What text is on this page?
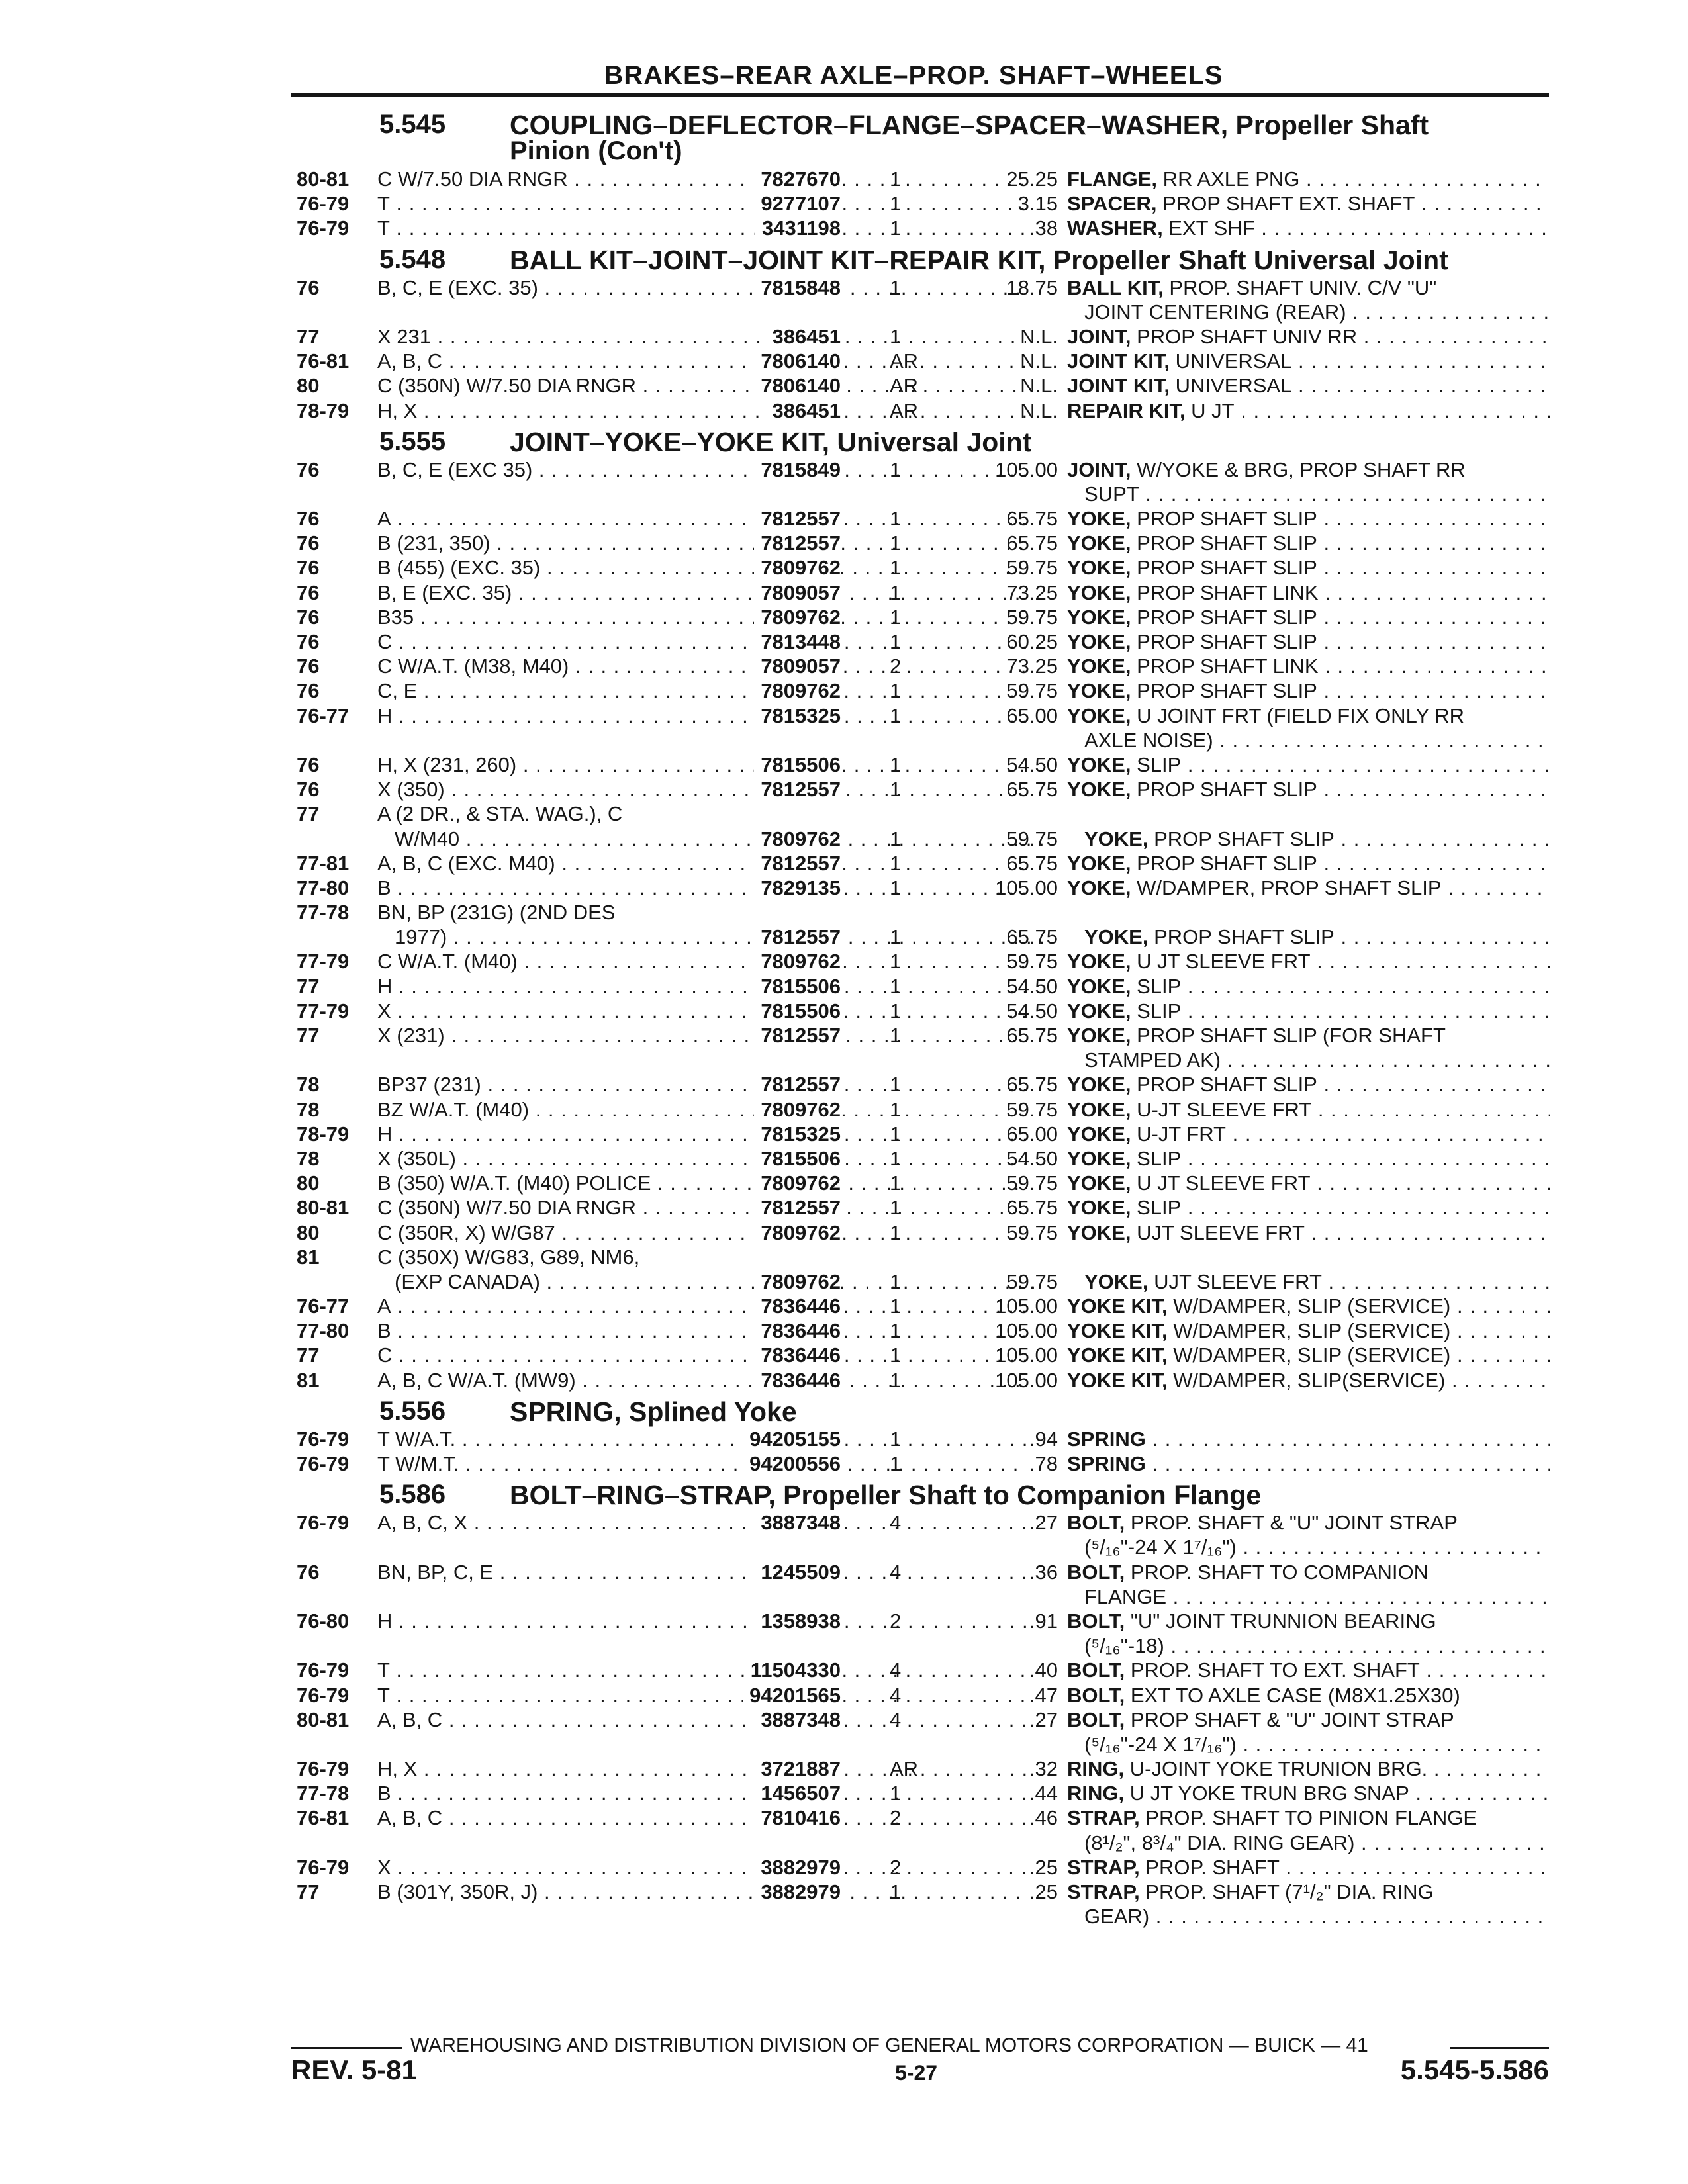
BRAKES–REAR AXLE–PROP. SHAFT–WHEELS
5.545 COUPLING–DEFLECTOR–FLANGE–SPACER–WASHER, Propeller Shaft
Pinion (Con't)
80-81 C W/7.50 DIA RNGR . . .	7827670 1	25.25 FLANGE, RR AXLE PNG . . .
76-79 T . . .	9277107 1	3.15 SPACER, PROP SHAFT EXT. SHAFT . . .
76-79 T . . .	3431198 1	.38 WASHER, EXT SHF . . .
5.548 BALL KIT–JOINT–JOINT KIT–REPAIR KIT, Propeller Shaft Universal Joint
76	B, C, E (EXC. 35) . . .	7815848 1	18.75 BALL KIT, PROP. SHAFT UNIV. C/V "U"
JOINT CENTERING (REAR) . . .
77	X 231 . . .	386451 1	N.L. JOINT, PROP SHAFT UNIV RR . . .
76-81 A, B, C . . .	7806140 AR	N.L. JOINT KIT, UNIVERSAL . . .
80	C (350N) W/7.50 DIA RNGR . . .	7806140 AR	N.L. JOINT KIT, UNIVERSAL . . .
78-79 H, X . . .	386451 AR	N.L. REPAIR KIT, U JT . . .
5.555 JOINT–YOKE–YOKE KIT, Universal Joint
76	B, C, E (EXC 35) . . .	7815849 1	105.00 JOINT, W/YOKE & BRG, PROP SHAFT RR
SUPT . . .
76	A . . .	7812557 1	65.75 YOKE, PROP SHAFT SLIP . . .
76	B (231, 350) . . .	7812557 1	65.75 YOKE, PROP SHAFT SLIP . . .
76	B (455) (EXC. 35) . . .	7809762 1	59.75 YOKE, PROP SHAFT SLIP . . .
76	B, E (EXC. 35) . . .	7809057 1	73.25 YOKE, PROP SHAFT LINK . . .
76	B35 . . .	7809762 1	59.75 YOKE, PROP SHAFT SLIP . . .
76	C . . .	7813448 1	60.25 YOKE, PROP SHAFT SLIP . . .
76	C W/A.T. (M38, M40) . . .	7809057 2	73.25 YOKE, PROP SHAFT LINK . . .
76	C, E . . .	7809762 1	59.75 YOKE, PROP SHAFT SLIP . . .
76-77 H . . .	7815325 1	65.00 YOKE, U JOINT FRT (FIELD FIX ONLY RR
AXLE NOISE) . . .
76	H, X (231, 260) . . .	7815506 1	54.50 YOKE, SLIP . . .
76	X (350) . . .	7812557 1	65.75 YOKE, PROP SHAFT SLIP . . .
77	A (2 DR., & STA. WAG.), C
W/M40 . . .	7809762 1	59.75 YOKE, PROP SHAFT SLIP . . .
77-81 A, B, C (EXC. M40) . . .	7812557 1	65.75 YOKE, PROP SHAFT SLIP . . .
77-80 B . . .	7829135 1	105.00 YOKE, W/DAMPER, PROP SHAFT SLIP . . .
77-78 BN, BP (231G) (2ND DES
1977) . . .	7812557 1	65.75 YOKE, PROP SHAFT SLIP . . .
77-79 C W/A.T. (M40) . . .	7809762 1	59.75 YOKE, U JT SLEEVE FRT . . .
77	H . . .	7815506 1	54.50 YOKE, SLIP . . .
77-79 X . . .	7815506 1	54.50 YOKE, SLIP . . .
77	X (231) . . .	7812557 1	65.75 YOKE, PROP SHAFT SLIP (FOR SHAFT
STAMPED AK) . . .
78	BP37 (231) . . .	7812557 1	65.75 YOKE, PROP SHAFT SLIP . . .
78	BZ W/A.T. (M40) . . .	7809762 1	59.75 YOKE, U-JT SLEEVE FRT . . .
78-79 H . . .	7815325 1	65.00 YOKE, U-JT FRT . . .
78	X (350L) . . .	7815506 1	54.50 YOKE, SLIP . . .
80	B (350) W/A.T. (M40) POLICE . . .	7809762 1	59.75 YOKE, U JT SLEEVE FRT . . .
80-81 C (350N) W/7.50 DIA RNGR . . .	7812557 1	65.75 YOKE, SLIP . . .
80	C (350R, X) W/G87 . . .	7809762 1	59.75 YOKE, UJT SLEEVE FRT . . .
81	C (350X) W/G83, G89, NM6,
(EXP CANADA) . . .	7809762 1	59.75 YOKE, UJT SLEEVE FRT . . .
76-77 A . . .	7836446 1	105.00 YOKE KIT, W/DAMPER, SLIP (SERVICE) . . .
77-80 B . . .	7836446 1	105.00 YOKE KIT, W/DAMPER, SLIP (SERVICE) . . .
77	C . . .	7836446 1	105.00 YOKE KIT, W/DAMPER, SLIP (SERVICE) . . .
81	A, B, C W/A.T. (MW9) . . .	7836446 1	105.00 YOKE KIT, W/DAMPER, SLIP(SERVICE) . . .
5.556 SPRING, Splined Yoke
76-79 T W/A.T. . . .	94205155 1	.94 SPRING . . .
76-79 T W/M.T. . . .	94200556 1	.78 SPRING . . .
5.586 BOLT–RING–STRAP, Propeller Shaft to Companion Flange
76-79 A, B, C, X . . .	3887348 4	.27 BOLT, PROP. SHAFT & "U" JOINT STRAP
(⁵/₁₆"-24 X 1⁷/₁₆") . . .
76	BN, BP, C, E . . .	1245509 4	.36 BOLT, PROP. SHAFT TO COMPANION
FLANGE . . .
76-80 H . . .	1358938 2	.91 BOLT, "U" JOINT TRUNNION BEARING
(⁵/₁₆"-18) . . .
76-79 T . . .	11504330 4	.40 BOLT, PROP. SHAFT TO EXT. SHAFT . . .
76-79 T . . .	94201565 4	.47 BOLT, EXT TO AXLE CASE (M8X1.25X30)
80-81 A, B, C . . .	3887348 4	.27 BOLT, PROP SHAFT & "U" JOINT STRAP
(⁵/₁₆"-24 X 1⁷/₁₆") . . .
76-79 H, X . . .	3721887 AR	.32 RING, U-JOINT YOKE TRUNION BRG. . . .
77-78 B . . .	1456507 1	.44 RING, U JT YOKE TRUN BRG SNAP . . .
76-81 A, B, C . . .	7810416 2	.46 STRAP, PROP. SHAFT TO PINION FLANGE
(8¹/₂", 8³/₄" DIA. RING GEAR) . . .
76-79 X . . .	3882979 2	.25 STRAP, PROP. SHAFT . . .
77	B (301Y, 350R, J) . . .	3882979 1	.25 STRAP, PROP. SHAFT (7¹/₂" DIA. RING
GEAR) . . .
WAREHOUSING AND DISTRIBUTION DIVISION OF GENERAL MOTORS CORPORATION — BUICK — 41
REV. 5-81	5-27	5.545-5.586
